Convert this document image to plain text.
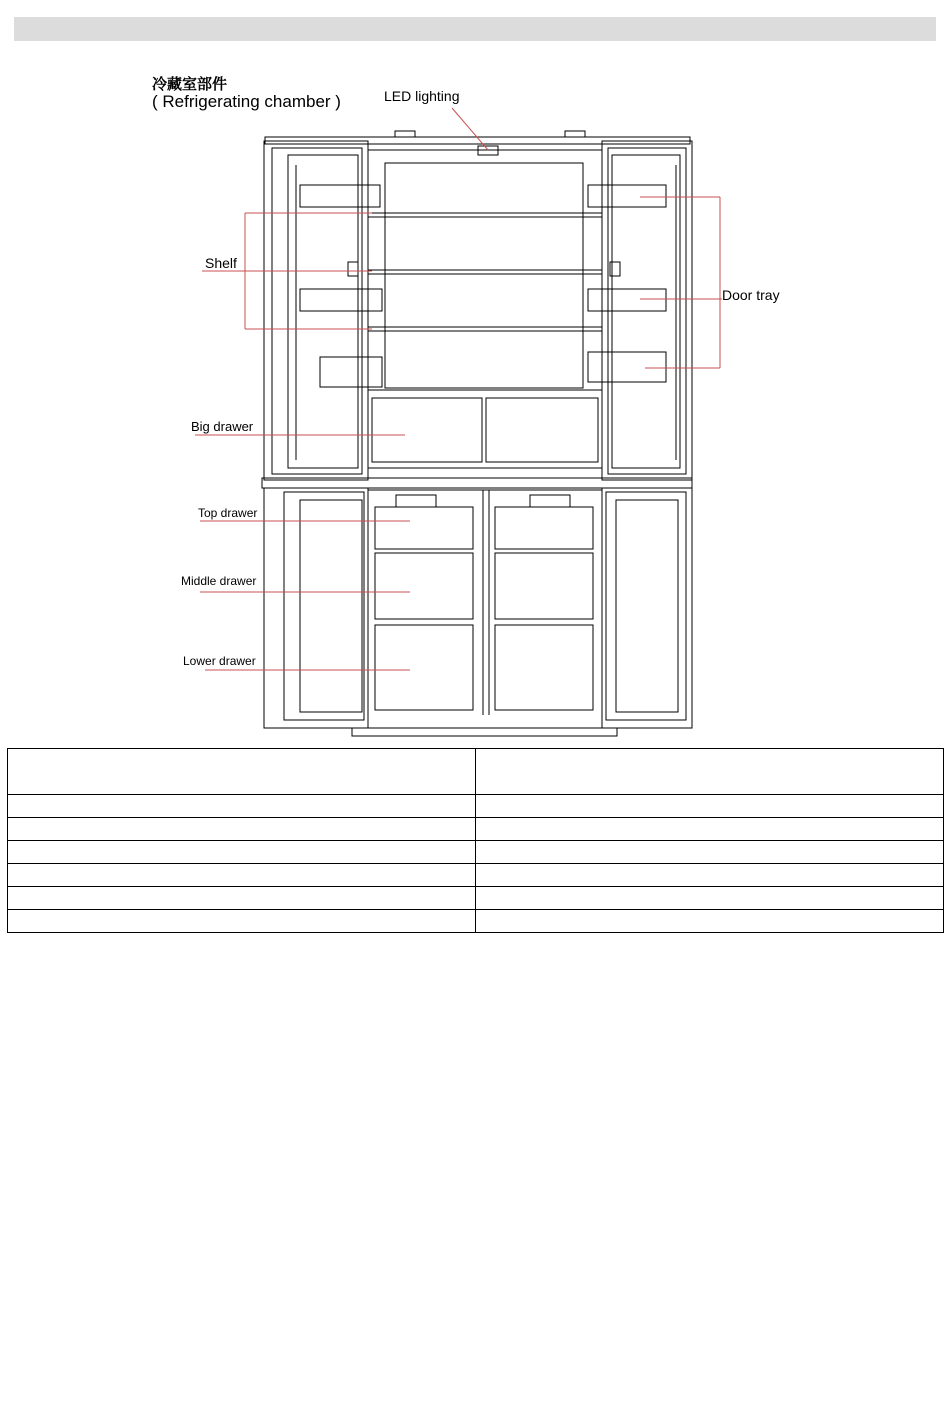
冷藏室部件
( Refrigerating chamber )	LED lighting
Shelf
Door tray
Big drawer
Top drawer
Middle drawer
Lower drawer
